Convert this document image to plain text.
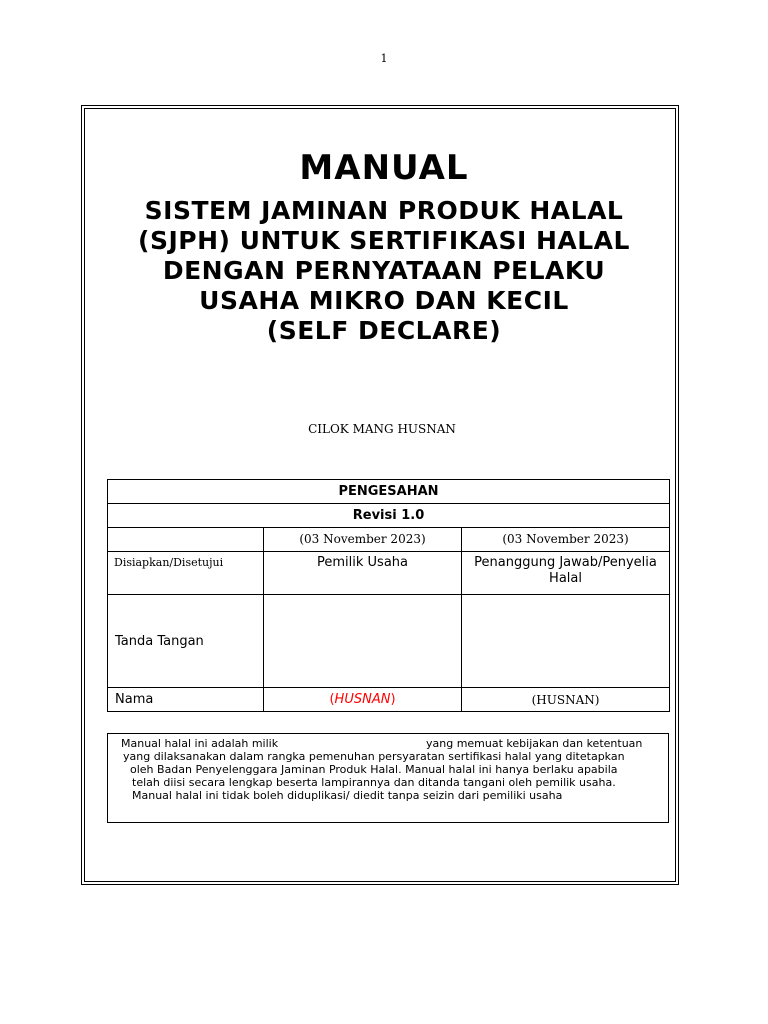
1
MANUAL
SISTEM JAMINAN PRODUK HALAL
(SJPH) UNTUK SERTIFIKASI HALAL
DENGAN PERNYATAAN PELAKU
USAHA MIKRO DAN KECIL
(SELF DECLARE)
CILOK MANG HUSNAN
PENGESAHAN		
Revisi 1.0		
	(03 November 2023)	(03 November 2023)
Disiapkan/Disetujui	Pemilik Usaha	Penanggung Jawab/Penyelia Halal
Tanda Tangan		
Nama	(HUSNAN)	(HUSNAN)
Manual halal ini adalah milik	yang memuat kebijakan dan ketentuan
yang dilaksanakan dalam rangka pemenuhan persyaratan sertifikasi halal yang ditetapkan
oleh Badan Penyelenggara Jaminan Produk Halal. Manual halal ini hanya berlaku apabila
telah diisi secara lengkap beserta lampirannya dan ditanda tangani oleh pemilik usaha.
Manual halal ini tidak boleh diduplikasi/ diedit tanpa seizin dari pemiliki usaha
